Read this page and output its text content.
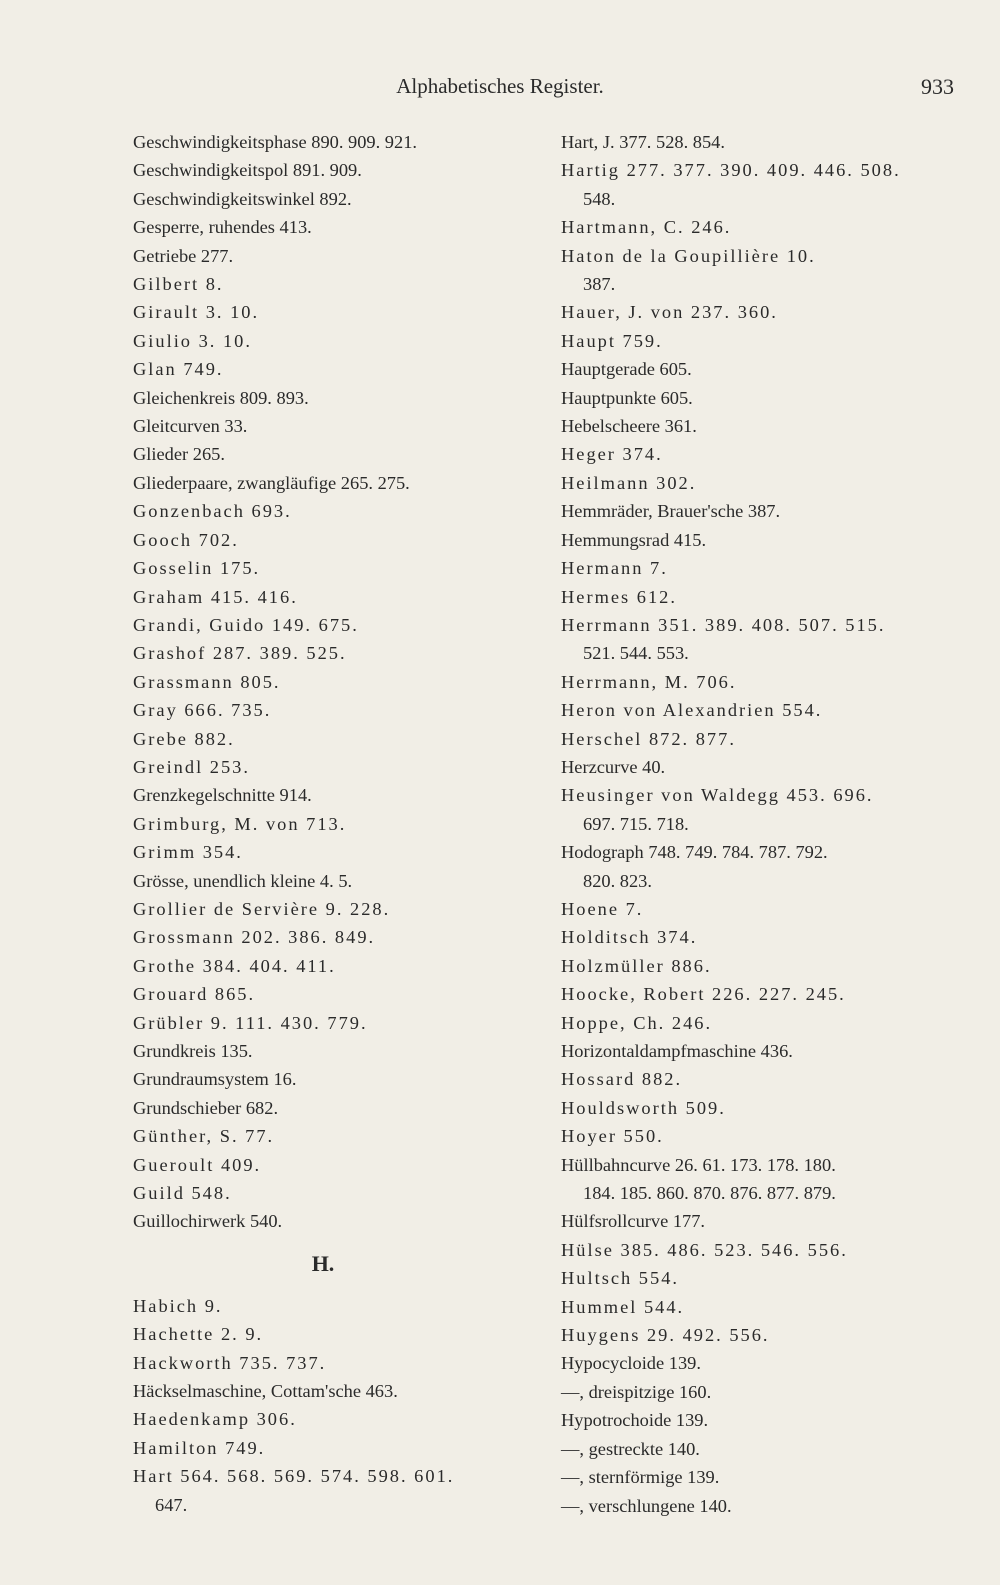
Alphabetisches Register.	933
Geschwindigkeitsphase 890. 909. 921.
Geschwindigkeitspol 891. 909.
Geschwindigkeitswinkel 892.
Gesperre, ruhendes 413.
Getriebe 277.
Gilbert 8.
Girault 3. 10.
Giulio 3. 10.
Glan 749.
Gleichenkreis 809. 893.
Gleitcurven 33.
Glieder 265.
Gliederpaare, zwangläufige 265. 275.
Gonzenbach 693.
Gooch 702.
Gosselin 175.
Graham 415. 416.
Grandi, Guido 149. 675.
Grashof 287. 389. 525.
Grassmann 805.
Gray 666. 735.
Grebe 882.
Greindl 253.
Grenzkegelschnitte 914.
Grimburg, M. von 713.
Grimm 354.
Grösse, unendlich kleine 4. 5.
Grollier de Servière 9. 228.
Grossmann 202. 386. 849.
Grothe 384. 404. 411.
Grouard 865.
Grübler 9. 111. 430. 779.
Grundkreis 135.
Grundraumsystem 16.
Grundschieber 682.
Günther, S. 77.
Gueroult 409.
Guild 548.
Guillochirwerk 540.
H.
Habich 9.
Hachette 2. 9.
Hackworth 735. 737.
Häckselmaschine, Cottam'sche 463.
Haedenkamp 306.
Hamilton 749.
Hart 564. 568. 569. 574. 598. 601.
647.
Hart, J. 377. 528. 854.
Hartig 277. 377. 390. 409. 446. 508.
548.
Hartmann, C. 246.
Haton de la Goupillière 10.
387.
Hauer, J. von 237. 360.
Haupt 759.
Hauptgerade 605.
Hauptpunkte 605.
Hebelscheere 361.
Heger 374.
Heilmann 302.
Hemmräder, Brauer'sche 387.
Hemmungsrad 415.
Hermann 7.
Hermes 612.
Herrmann 351. 389. 408. 507. 515.
521. 544. 553.
Herrmann, M. 706.
Heron von Alexandrien 554.
Herschel 872. 877.
Herzcurve 40.
Heusinger von Waldegg 453. 696.
697. 715. 718.
Hodograph 748. 749. 784. 787. 792.
820. 823.
Hoene 7.
Holditsch 374.
Holzmüller 886.
Hoocke, Robert 226. 227. 245.
Hoppe, Ch. 246.
Horizontaldampfmaschine 436.
Hossard 882.
Houldsworth 509.
Hoyer 550.
Hüllbahncurve 26. 61. 173. 178. 180.
184. 185. 860. 870. 876. 877. 879.
Hülfsrollcurve 177.
Hülse 385. 486. 523. 546. 556.
Hultsch 554.
Hummel 544.
Huygens 29. 492. 556.
Hypocycloide 139.
—, dreispitzige 160.
Hypotrochoide 139.
—, gestreckte 140.
—, sternförmige 139.
—, verschlungene 140.
